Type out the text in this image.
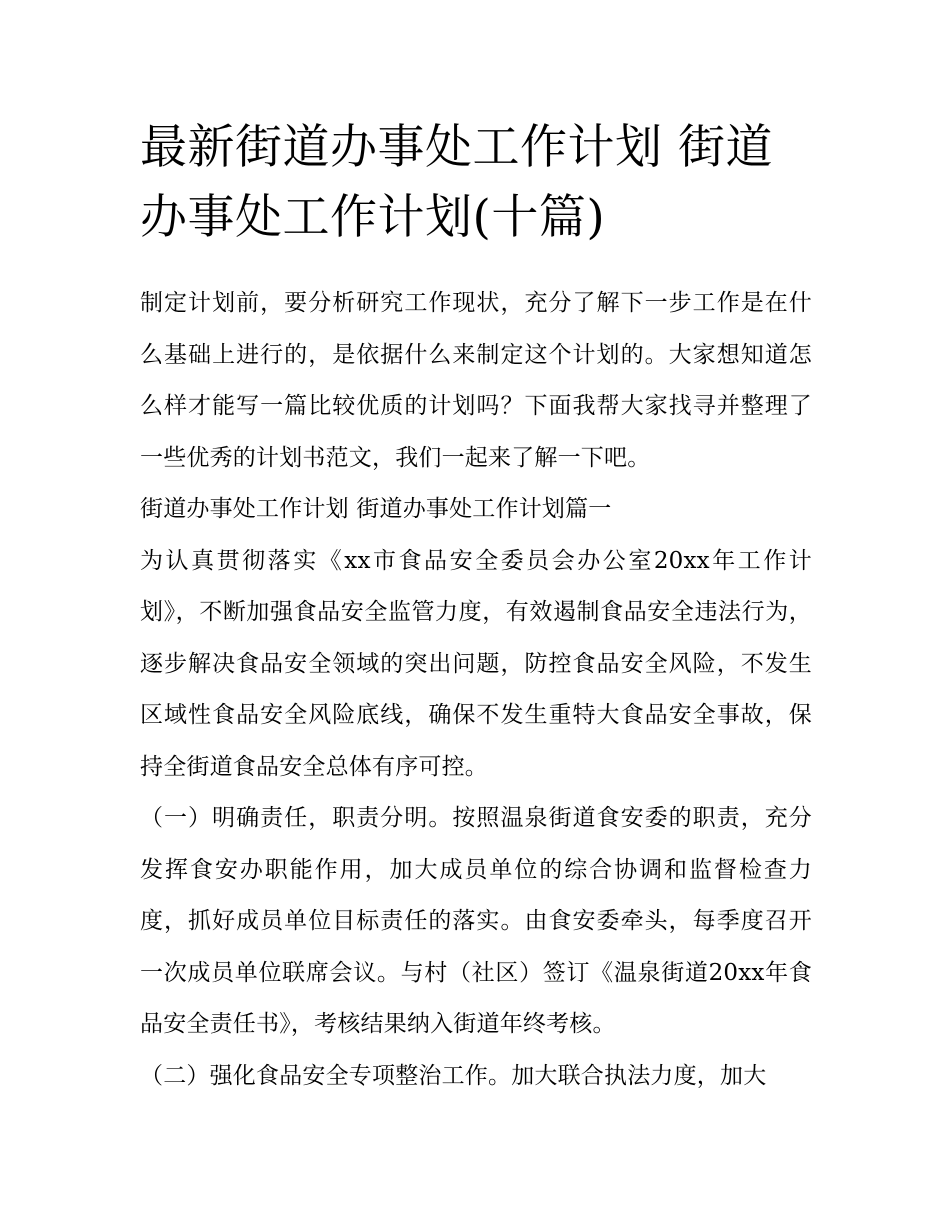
最新街道办事处工作计划 街道办事处工作计划(十篇)

制定计划前，要分析研究工作现状，充分了解下一步工作是在什么基础上进行的，是依据什么来制定这个计划的。大家想知道怎么样才能写一篇比较优质的计划吗？下面我帮大家找寻并整理了一些优秀的计划书范文，我们一起来了解一下吧。

街道办事处工作计划 街道办事处工作计划篇一

为认真贯彻落实《xx市食品安全委员会办公室20xx年工作计划》，不断加强食品安全监管力度，有效遏制食品安全违法行为，逐步解决食品安全领域的突出问题，防控食品安全风险，不发生区域性食品安全风险底线，确保不发生重特大食品安全事故，保持全街道食品安全总体有序可控。

（一）明确责任，职责分明。按照温泉街道食安委的职责，充分发挥食安办职能作用，加大成员单位的综合协调和监督检查力度，抓好成员单位目标责任的落实。由食安委牵头，每季度召开一次成员单位联席会议。与村（社区）签订《温泉街道20xx年食品安全责任书》，考核结果纳入街道年终考核。

（二）强化食品安全专项整治工作。加大联合执法力度，加大
